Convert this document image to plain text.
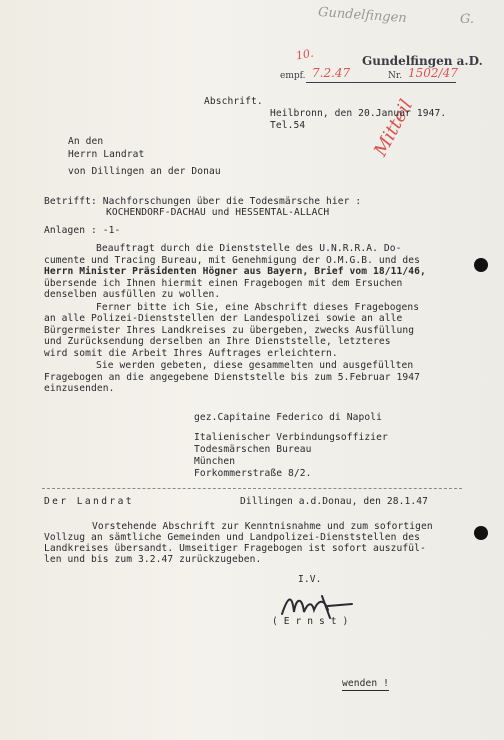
Gundelfingen	G.
10.
Mitteil
Gundelfingen a.D.
empf. 7.2.47	Nr. 1502/47
Abschrift.
Heilbronn, den 20.Januar 1947.
Tel.54
An den
Herrn Landrat
von Dillingen an der Donau
Betrifft: Nachforschungen über die Todesmärsche hier :
KOCHENDORF-DACHAU und HESSENTAL-ALLACH
Anlagen : -1-
Beauftragt durch die Dienststelle des U.N.R.R.A. Do-
cumente und Tracing Bureau, mit Genehmigung der O.M.G.B. und des
Herrn Minister Präsidenten Högner aus Bayern, Brief vom 18/11/46,
übersende ich Ihnen hiermit einen Fragebogen mit dem Ersuchen
denselben ausfüllen zu wollen.
Ferner bitte ich Sie, eine Abschrift dieses Fragebogens
an alle Polizei-Dienststellen der Landespolizei sowie an alle
Bürgermeister Ihres Landkreises zu übergeben, zwecks Ausfüllung
und Zurücksendung derselben an Ihre Dienststelle, letzteres
wird somit die Arbeit Ihres Auftrages erleichtern.
Sie werden gebeten, diese gesammelten und ausgefüllten
Fragebogen an die angegebene Dienststelle bis zum 5.Februar 1947
einzusenden.
gez.Capitaine Federico di Napoli
Italienischer Verbindungsoffizier
Todesmärschen Bureau
München
Forkommerstraße 8/2.
Der Landrat	Dillingen a.d.Donau, den 28.1.47
Vorstehende Abschrift zur Kenntnisnahme und zum sofortigen
Vollzug an sämtliche Gemeinden und Landpolizei-Dienststellen des
Landkreises übersandt. Umseitiger Fragebogen ist sofort auszufül-
len und bis zum 3.2.47 zurückzugeben.
I.V.
( E r n s t )
wenden !
